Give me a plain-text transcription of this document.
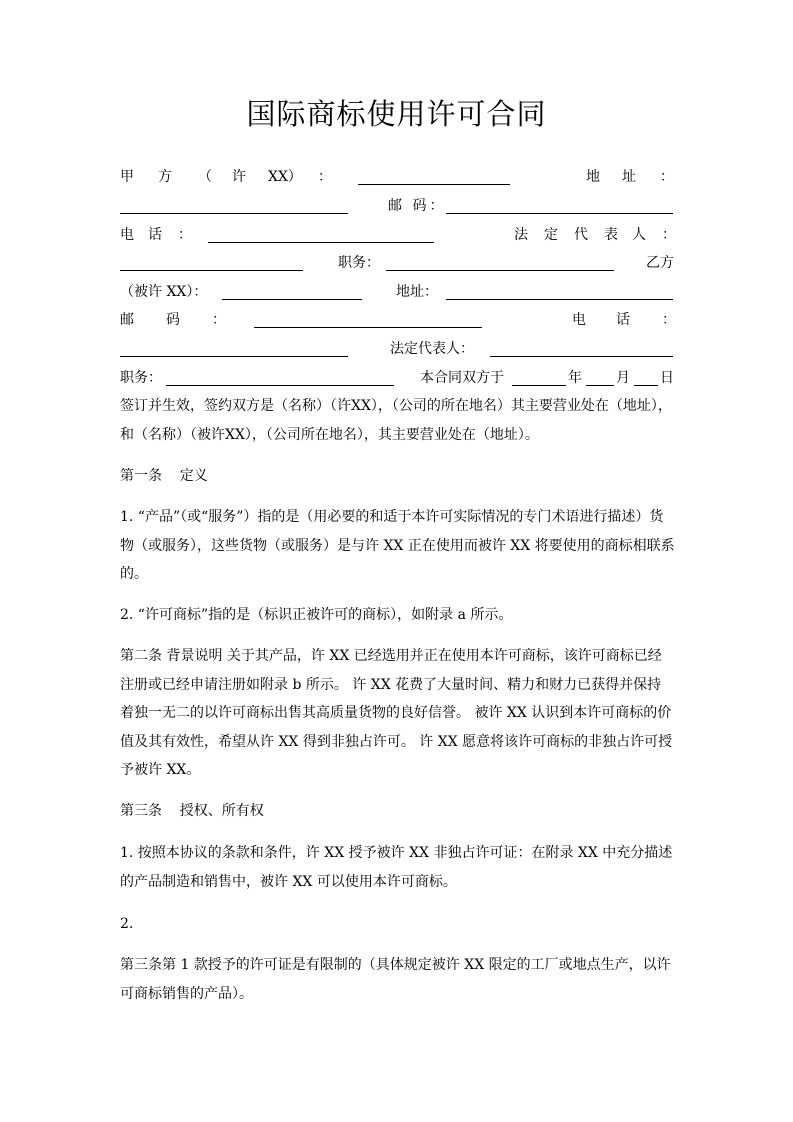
国际商标使用许可合同
甲 方 （ 许 XX） ：	地 址 ：
邮 码：
电 话 ：	法 定 代 表 人 ：
职务：	乙方
（被许 XX）：	地址：
邮 码 ：	电 话 ：
法定代表人：
职务：	本合同双方于	年 月 日
签订并生效，签约双方是（名称）（许XX），（公司的所在地名）其主要营业处在（地址），和（名称）（被许XX），（公司所在地名），其主要营业处在（地址）。
第一条    定义
1. “产品”（或“服务”）指的是（用必要的和适于本许可实际情况的专门术语进行描述）货物（或服务），这些货物（或服务）是与许 XX 正在使用而被许 XX 将要使用的商标相联系的。
2. “许可商标”指的是（标识正被许可的商标），如附录 a 所示。
第二条 背景说明 关于其产品，许 XX 已经选用并正在使用本许可商标，该许可商标已经注册或已经申请注册如附录 b 所示。 许 XX 花费了大量时间、精力和财力已获得并保持着独一无二的以许可商标出售其高质量货物的良好信誉。 被许 XX 认识到本许可商标的价值及其有效性，希望从许 XX 得到非独占许可。 许 XX 愿意将该许可商标的非独占许可授予被许 XX。
第三条    授权、所有权
1. 按照本协议的条款和条件，许 XX 授予被许 XX 非独占许可证：在附录 XX 中充分描述的产品制造和销售中，被许 XX 可以使用本许可商标。
2.
第三条第 1 款授予的许可证是有限制的（具体规定被许 XX 限定的工厂或地点生产，以许可商标销售的产品）。
